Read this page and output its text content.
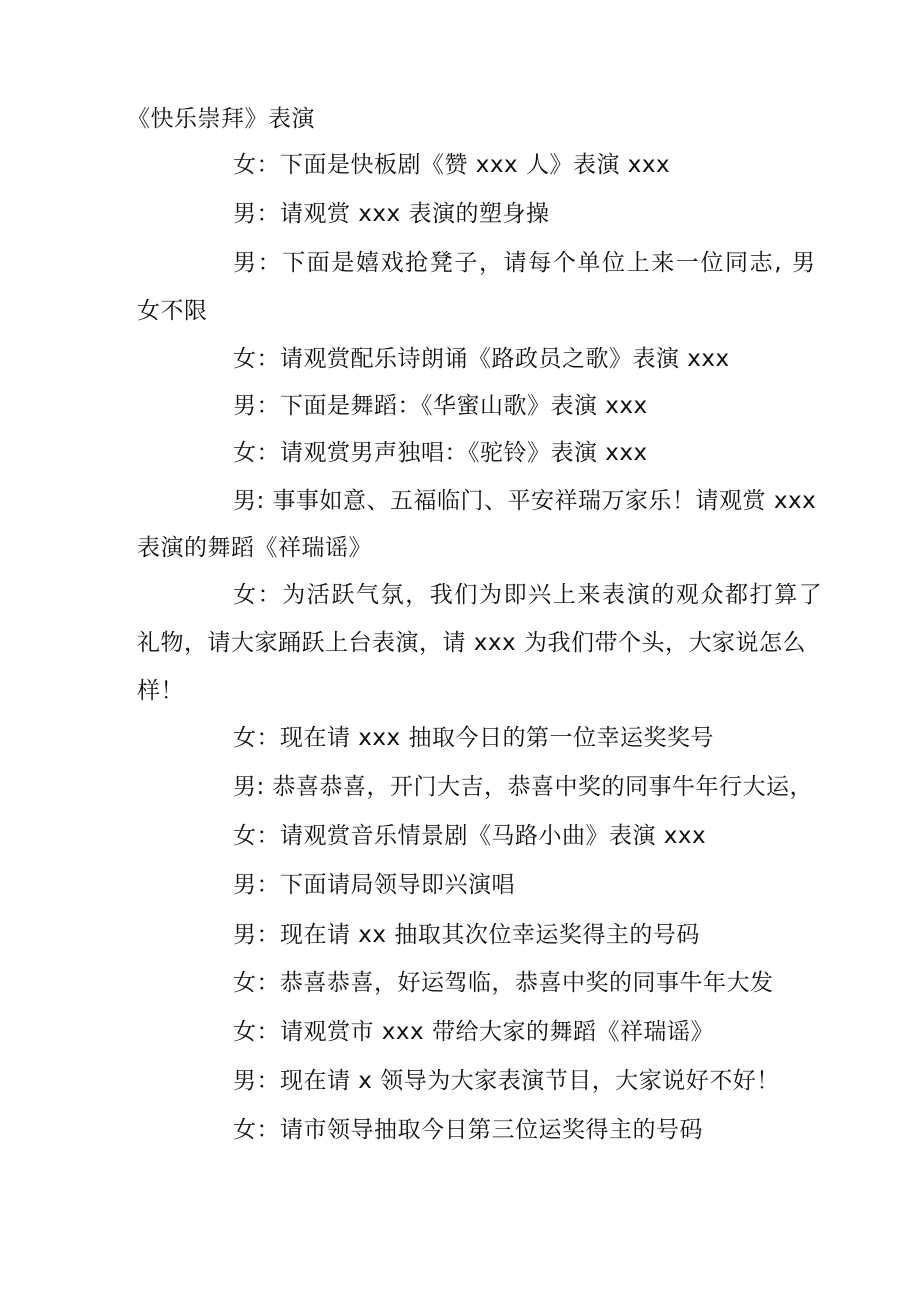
《快乐崇拜》表演
女：下面是快板剧《赞 xxx 人》表演 xxx
男：请观赏 xxx 表演的塑身操
男：下面是嬉戏抢凳子，请每个单位上来一位同志, 男
女不限
女：请观赏配乐诗朗诵《路政员之歌》表演 xxx
男：下面是舞蹈：《华蜜山歌》表演 xxx
女：请观赏男声独唱：《驼铃》表演 xxx
男: 事事如意、五福临门、平安祥瑞万家乐！请观赏 xxx
表演的舞蹈《祥瑞谣》
女：为活跃气氛，我们为即兴上来表演的观众都打算了
礼物，请大家踊跃上台表演，请 xxx 为我们带个头，大家说怎么
样！
女：现在请 xxx 抽取今日的第一位幸运奖奖号
男: 恭喜恭喜，开门大吉，恭喜中奖的同事牛年行大运，
女：请观赏音乐情景剧《马路小曲》表演 xxx
男：下面请局领导即兴演唱
男：现在请 xx 抽取其次位幸运奖得主的号码
女：恭喜恭喜，好运驾临，恭喜中奖的同事牛年大发
女：请观赏市 xxx 带给大家的舞蹈《祥瑞谣》
男：现在请 x 领导为大家表演节目，大家说好不好！
女：请市领导抽取今日第三位运奖得主的号码
